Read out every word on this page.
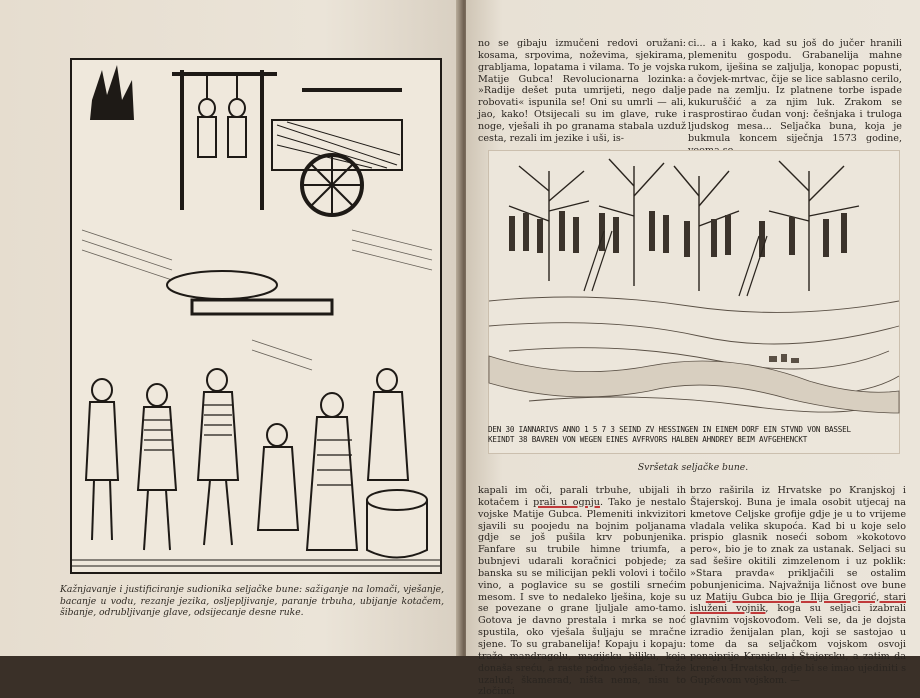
Kažnjavanje i justificiranje sudionika seljačke bune: sažiganje na lomači, vješanje, bacanje u vodu, rezanje jezika, osljepljivanje, paranje trbuha, ubijanje kotačem, šibanje, odrubljivanje glave, odsijecanje desne ruke.

no se gibaju izmučeni redovi oružani: kosama, srpovima, noževima, sjekirama, grabljama, lopatama i vilama. To je vojska Matije Gubca! Revolucionarna lozinka: »Radije dešet puta umrijeti, nego dalje robovati« ispunila se! Oni su umrli — ali, jao, kako! Otsijecali su im glave, ruke i noge, vješali ih po granama stabala uzduž cesta, rezali im jezike i uši, is-

ci... a i kako, kad su još do jučer hranili plemenitu gospodu. Grabanelija mahne rukom, iješina se zaljulja, konopac popusti, a čovjek-mrtvac, čije se lice sablasno cerilo, pade na zemlju. Iz platnene torbe ispade kukuruščić a za njim luk. Zrakom se rasprostirao čudan vonj: češnjaka i truloga ljudskog mesa... Seljačka buna, koja je bukmula koncem siječnja 1573 godine,

DEN 30 IANNARIVS ANNO 1 5 7 3 SEIND ZV HESSINGEN IN EINEM DORF EIN STVND VON BASSEL
KEINDT 38 BAVREN VON WEGEN EINES AVFRVORS HALBEN AHNDREY BEIM AVFGEHENCKT
Svršetak seljačke bune.

kapali im oči, parali trbuhe, ubijali ih kotačem i prali u ognju. Tako je nestalo vojske Matije Gubca. Plemeniti inkvizitori sjavili su poojedu na bojnim poljanama gdje se još pušila krv pobunjenika. Fanfare su trubile himne triumfa, a bubnjevi udarali koračnici pobjede; za banska su se milicijan pekli volovi i točilo vino, a poglavice su se gostili srnećim mesom. I sve to nedaleko lješina, koje su se povezane o grane ljuljale amo-tamo. Gotova je davno prestala i mrka se noć spustila, oko vješala šuljaju se mračne sjene. To su grabanelija! Kopaju i kopaju: traže mandragolu, magijsku biljku, koja donaša sreću, a raste podno vješala. Traže uzalud; škamerad, ništa nema, nisu to zločinci

brzo raširila iz Hrvatske po Kranjskoj i Štajerskoj. Buna je imala osobit utjecaj na kmetove Celjske grofije gdje je u to vrijeme vladala velika skupoća. Kad bi u koje selo prispio glasnik noseći sobom »kokotovo pero«, bio je to znak za ustanak. Seljaci su sad šešire okitili zimzelenom i uz poklik: »Stara pravda« prikljačili se ostalim pobunjenicima. Najvažnija ličnost ove bune uz Matiju Gubca bio je Ilija Gregorić, stari isluženi vojnik, koga su seljaci izabrali glavnim vojskovođom. Veli se, da je dojsta izradio ženijalan plan, koji se sastojao u tome da sa seljačkom vojskom osvoji ponajprije Kranjsku i Štajersku, a zatim da krene u Hrvatsku, gdje bi se imao ujediniti s Gupčevom vojskom. —
